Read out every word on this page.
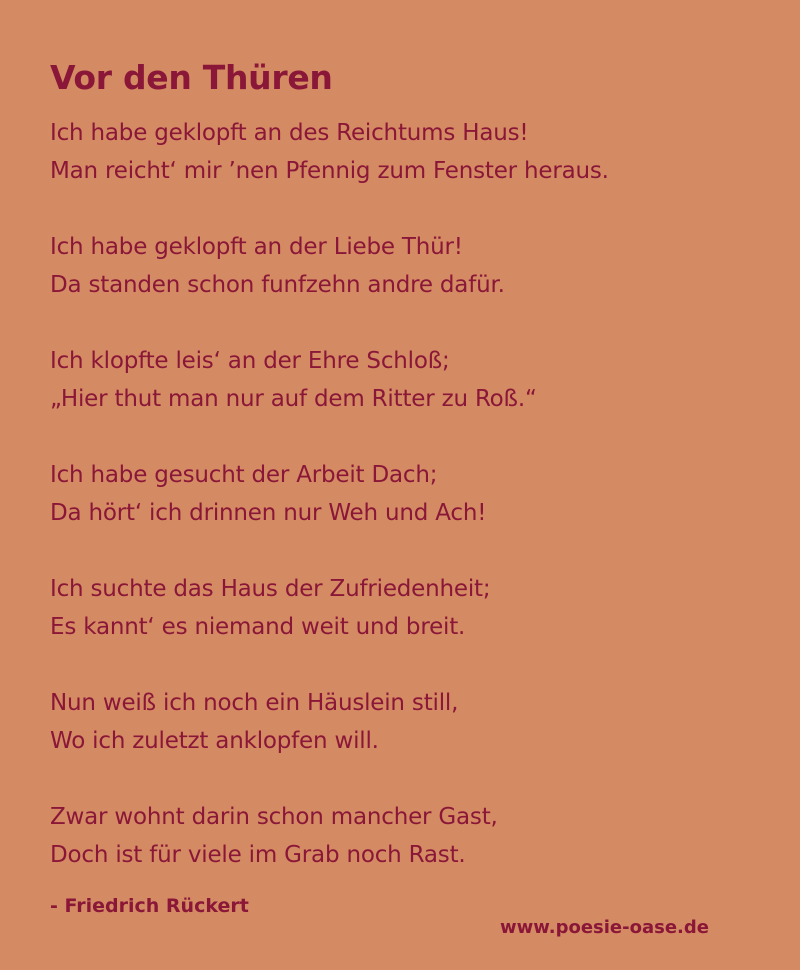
Vor den Thüren
Ich habe geklopft an des Reichtums Haus!
Man reicht‘ mir ’nen Pfennig zum Fenster heraus.
Ich habe geklopft an der Liebe Thür!
Da standen schon funfzehn andre dafür.
Ich klopfte leis‘ an der Ehre Schloß;
„Hier thut man nur auf dem Ritter zu Roß.“
Ich habe gesucht der Arbeit Dach;
Da hört‘ ich drinnen nur Weh und Ach!
Ich suchte das Haus der Zufriedenheit;
Es kannt‘ es niemand weit und breit.
Nun weiß ich noch ein Häuslein still,
Wo ich zuletzt anklopfen will.
Zwar wohnt darin schon mancher Gast,
Doch ist für viele im Grab noch Rast.
- Friedrich Rückert
www.poesie-oase.de
